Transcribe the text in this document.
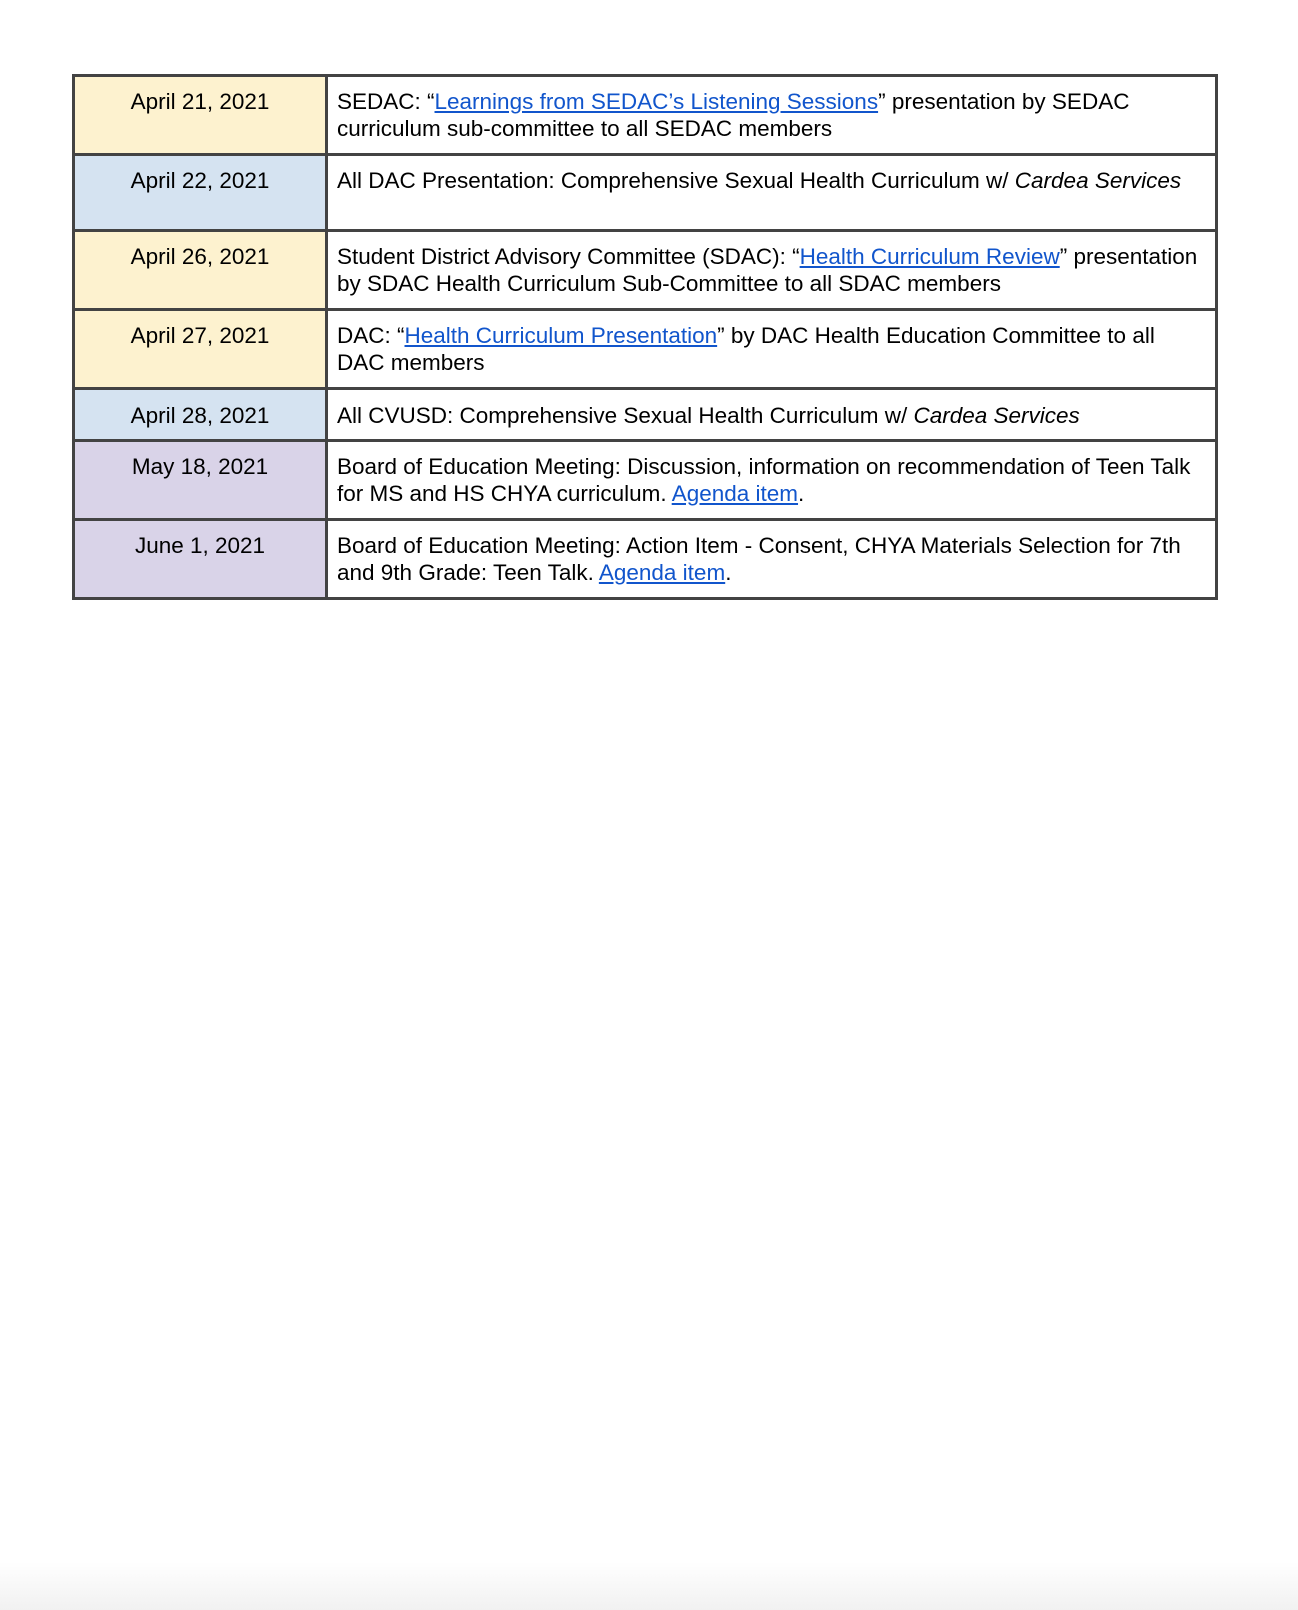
April 21, 2021	SEDAC: “Learnings from SEDAC’s Listening Sessions” presentation by SEDAC curriculum sub-committee to all SEDAC members
April 22, 2021	All DAC Presentation: Comprehensive Sexual Health Curriculum w/ Cardea Services
April 26, 2021	Student District Advisory Committee (SDAC): “Health Curriculum Review” presentation by SDAC Health Curriculum Sub-Committee to all SDAC members
April 27, 2021	DAC: “Health Curriculum Presentation” by DAC Health Education Committee to all DAC members
April 28, 2021	All CVUSD: Comprehensive Sexual Health Curriculum w/ Cardea Services
May 18, 2021	Board of Education Meeting: Discussion, information on recommendation of Teen Talk for MS and HS CHYA curriculum. Agenda item.
June 1, 2021	Board of Education Meeting: Action Item - Consent, CHYA Materials Selection for 7th and 9th Grade: Teen Talk. Agenda item.
